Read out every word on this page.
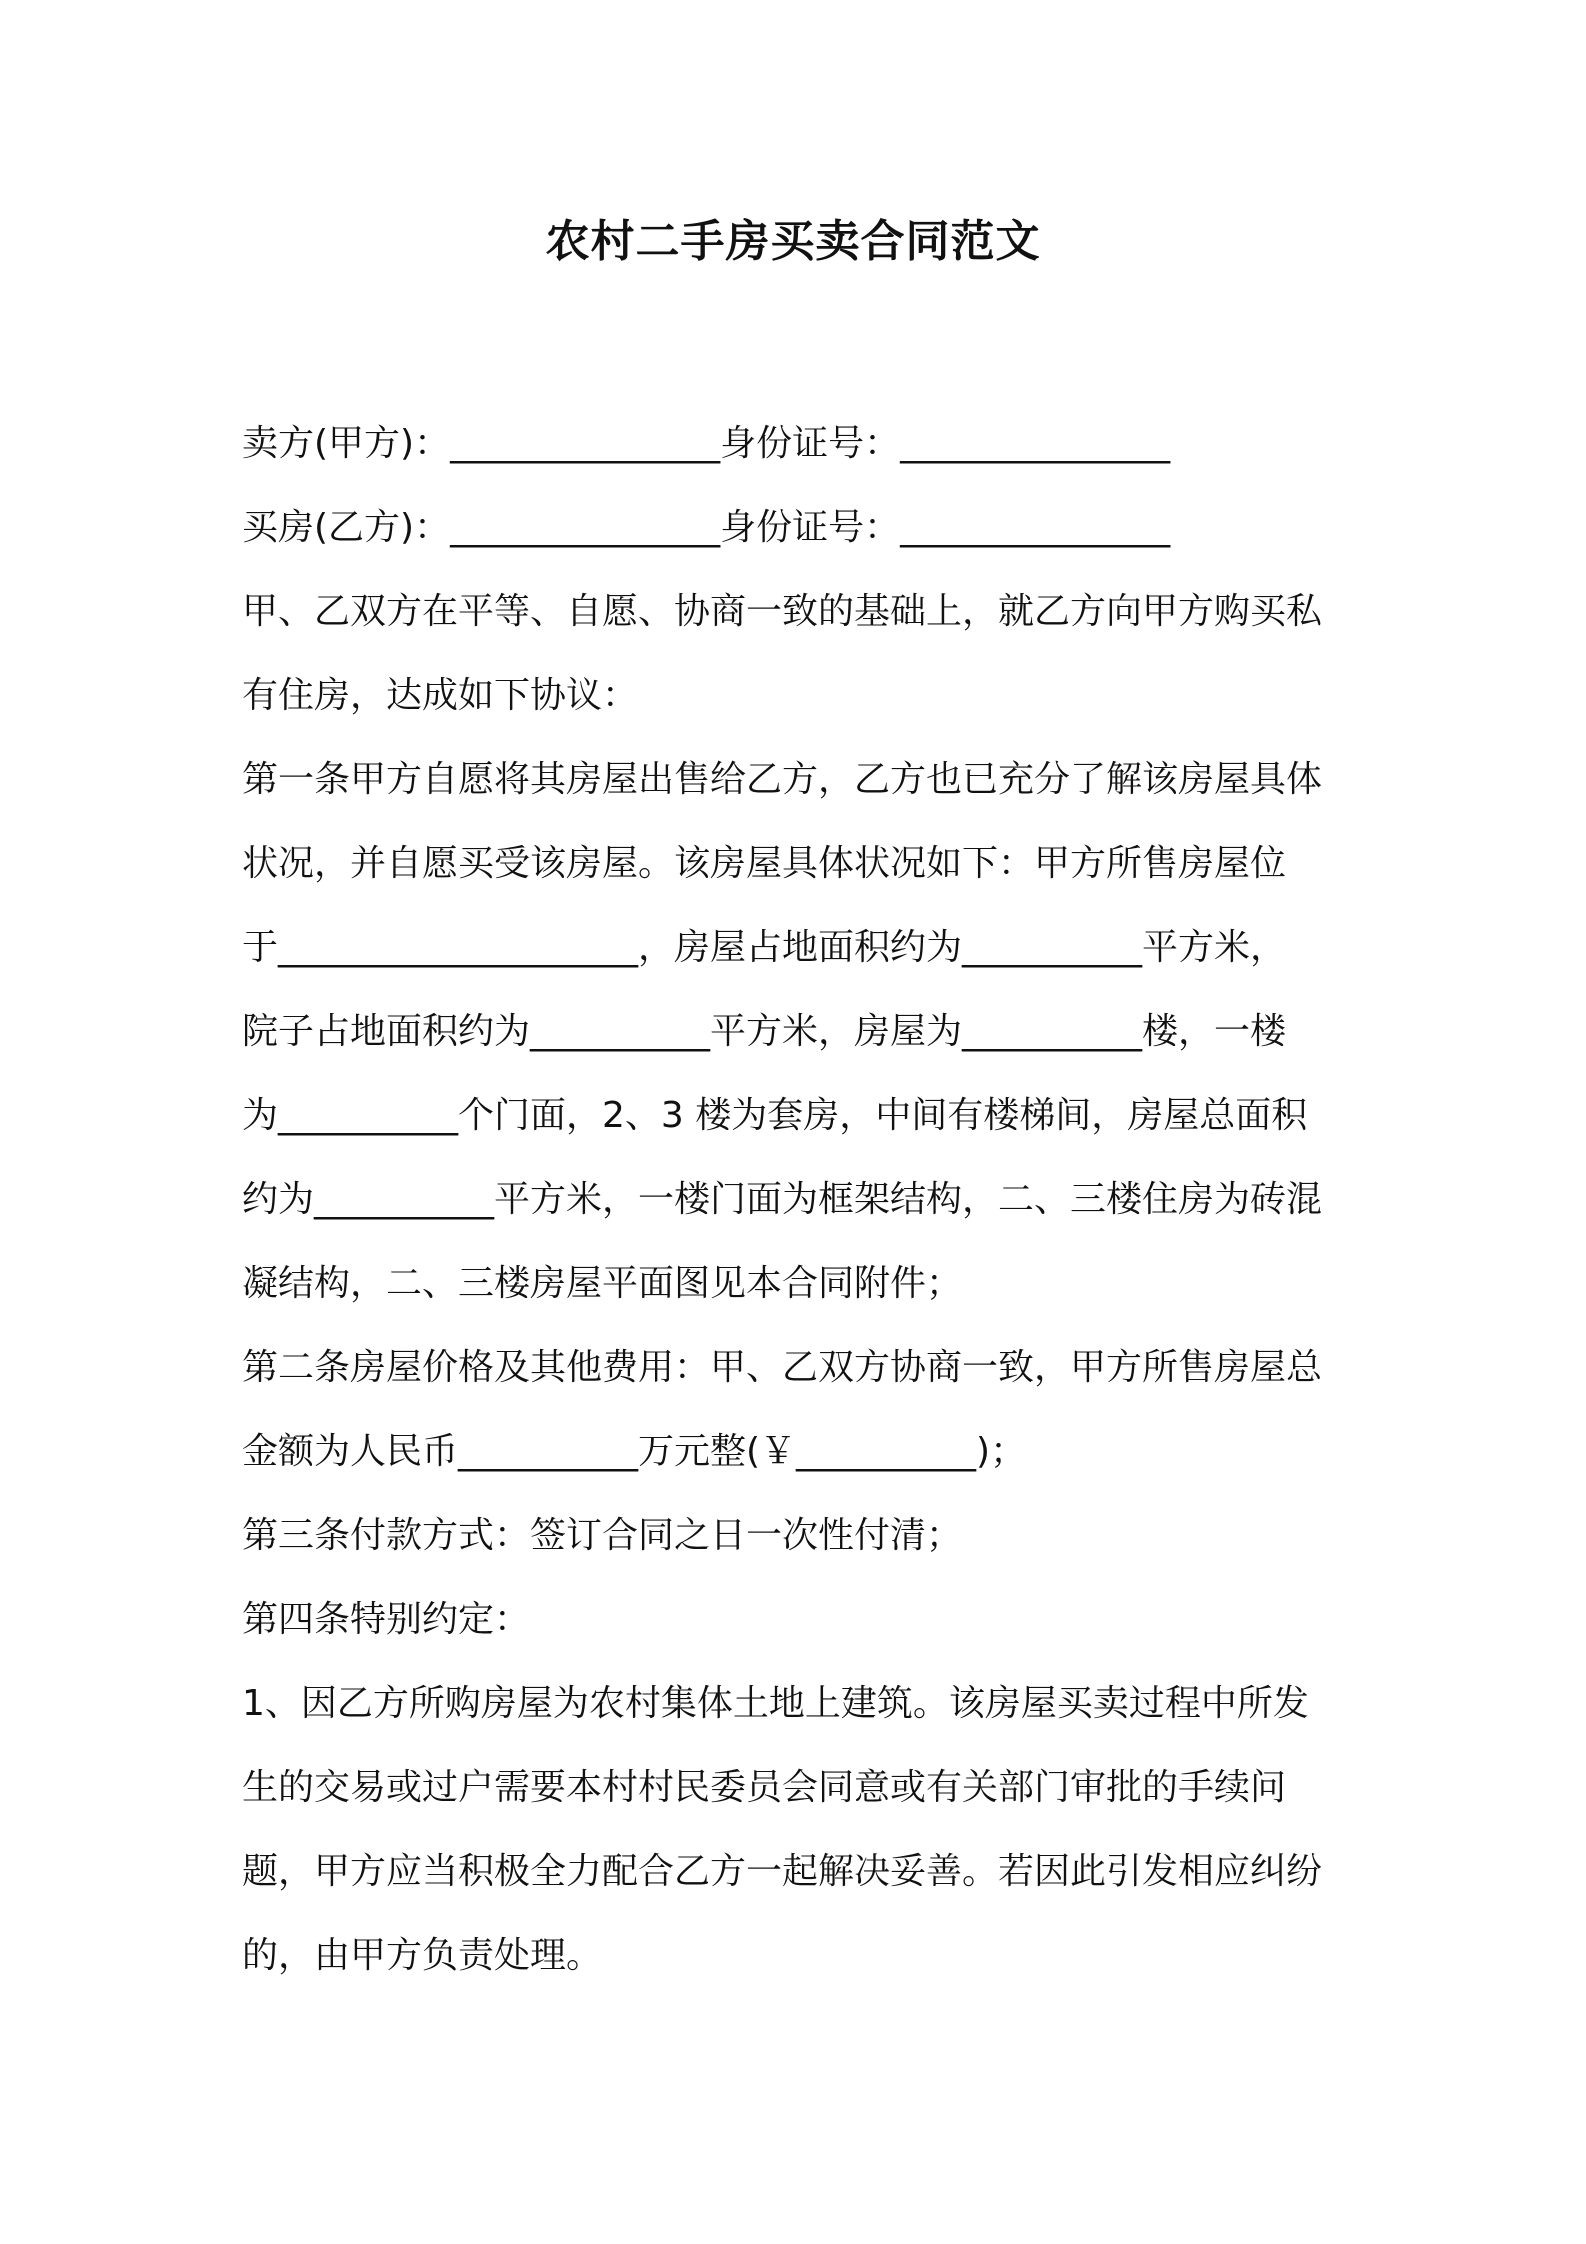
农村二手房买卖合同范文
卖方(甲方)：_______________身份证号：_______________
买房(乙方)：_______________身份证号：_______________
甲、乙双方在平等、自愿、协商一致的基础上，就乙方向甲方购买私
有住房，达成如下协议：
第一条甲方自愿将其房屋出售给乙方，乙方也已充分了解该房屋具体
状况，并自愿买受该房屋。该房屋具体状况如下：甲方所售房屋位
于____________________，房屋占地面积约为__________平方米，
院子占地面积约为__________平方米，房屋为__________楼，一楼
为__________个门面，2、3 楼为套房，中间有楼梯间，房屋总面积
约为__________平方米，一楼门面为框架结构，二、三楼住房为砖混
凝结构，二、三楼房屋平面图见本合同附件；
第二条房屋价格及其他费用：甲、乙双方协商一致，甲方所售房屋总
金额为人民币__________万元整(￥__________)；
第三条付款方式：签订合同之日一次性付清；
第四条特别约定：
1、因乙方所购房屋为农村集体土地上建筑。该房屋买卖过程中所发
生的交易或过户需要本村村民委员会同意或有关部门审批的手续问
题，甲方应当积极全力配合乙方一起解决妥善。若因此引发相应纠纷
的，由甲方负责处理。
